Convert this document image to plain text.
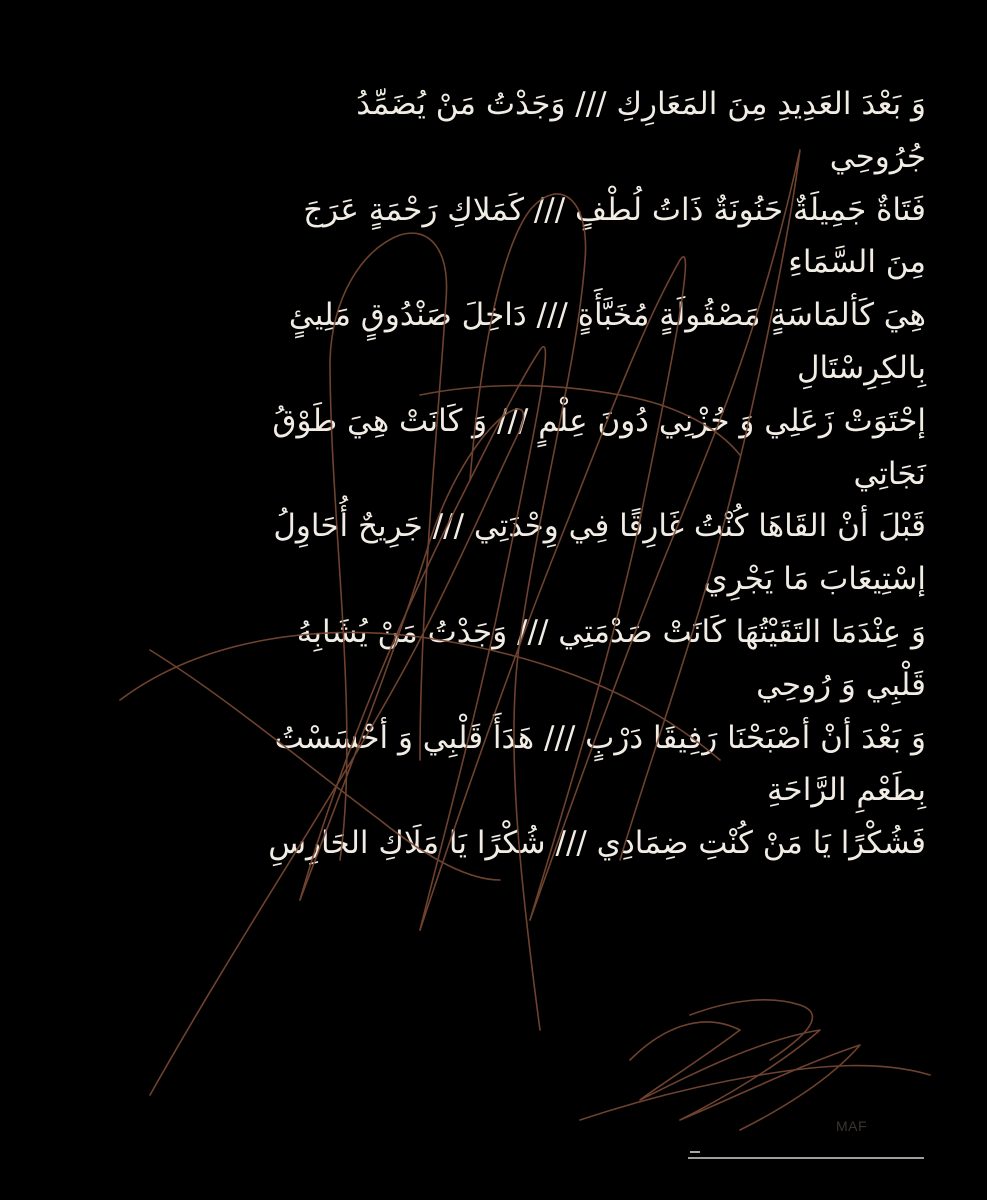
وَ بَعْدَ العَدِيدِ مِنَ المَعَارِكِ /// وَجَدْتُ مَنْ يُضَمِّدُ
جُرُوحِي
فَتَاةٌ جَمِيلَةٌ حَنُونَةٌ ذَاتُ لُطْفٍ /// كَمَلاكِ رَحْمَةٍ عَرَجَ
مِنَ السَّمَاءِ
هِيَ كَألمَاسَةٍ مَصْقُولَةٍ مُخَبَّأَةٍ /// دَاخِلَ صَنْدُوقٍ مَلِيئٍ
بِالكِرِسْتَالِ
إحْتَوَتْ زَعَلِي وَ حُزْنِي دُونَ عِلْمٍ /// وَ كَانَتْ هِيَ طَوْقُ
نَجَاتِي
قَبْلَ أنْ القَاهَا كُنْتُ غَارِقًا فِي وِحْدَتِي /// جَرِيحٌ أُحَاوِلُ
إسْتِيعَابَ مَا يَجْرِي
وَ عِنْدَمَا التَقَيْتُهَا كَانَتْ صَدْمَتِي /// وَجَدْتُ مَنْ يُشَابِهُ
قَلْبِي وَ رُوحِي
وَ بَعْدَ أنْ أصْبَحْنَا رَفِيقَا دَرْبٍ /// هَدَأَ قَلْبِي وَ أحْسَسْتُ
بِطَعْمِ الرَّاحَةِ
فَشُكْرًا يَا مَنْ كُنْتِ ضِمَادِي /// شُكْرًا يَا مَلَاكِ الحَارِسِ
MAF
